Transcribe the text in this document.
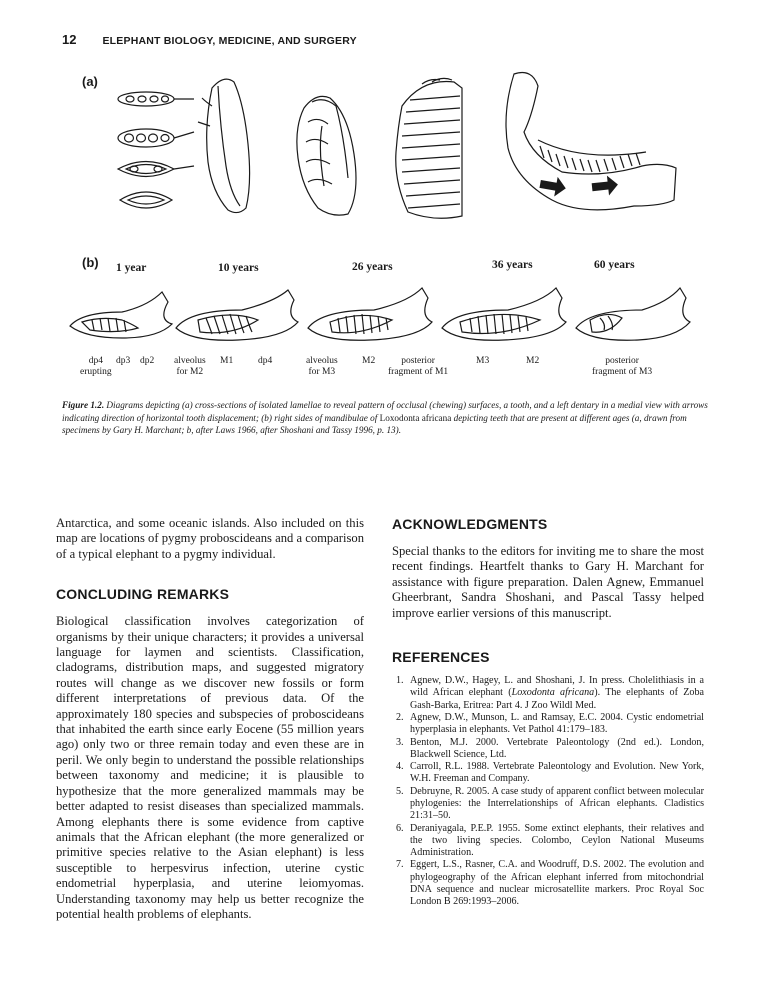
12 ELEPHANT BIOLOGY, MEDICINE, AND SURGERY
(a)
(b) 1 year	10 years	26 years	36 years	60 years
dp4
erupting
dp3 dp2 alveolus
for M2
M1	dp4	alveolus
for M3
M2	posterior
fragment of M1
M3	M2	posterior
fragment of M3

Figure 1.2. Diagrams depicting (a) cross-sections of isolated lamellae to reveal pattern of occlusal (chewing) surfaces, a tooth, and a left dentary in a medial view with arrows indicating direction of horizontal tooth displacement; (b) right sides of mandibulae of Loxodonta africana depicting teeth that are present at different ages (a, drawn from specimens by Gary H. Marchant; b, after Laws 1966, after Shoshani and Tassy 1996, p. 13).

Antarctica, and some oceanic islands. Also included on this map are locations of pygmy proboscideans and a comparison of a typical elephant to a pygmy individual.

CONCLUDING REMARKS

Biological classification involves categorization of organisms by their unique characters; it provides a universal language for laymen and scientists. Classification, cladograms, distribution maps, and suggested migratory routes will change as we discover new fossils or form different interpretations of previous data. Of the approximately 180 species and subspecies of proboscideans that inhabited the earth since early Eocene (55 million years ago) only two or three remain today and even these are in peril. We only begin to understand the possible relationships between taxonomy and medicine; it is plausible to hypothesize that the more generalized mammals may be better adapted to resist diseases than specialized mammals. Among elephants there is some evidence from captive animals that the African elephant (the more generalized or primitive species relative to the Asian elephant) is less susceptible to herpesvirus infection, uterine cystic endometrial hyperplasia, and uterine leiomyomas. Understanding taxonomy may help us better recognize the potential health problems of elephants.

ACKNOWLEDGMENTS

Special thanks to the editors for inviting me to share the most recent findings. Heartfelt thanks to Gary H. Marchant for assistance with figure preparation. Dalen Agnew, Emmanuel Gheerbrant, Sandra Shoshani, and Pascal Tassy helped improve earlier versions of this manuscript.

REFERENCES
1. Agnew, D.W., Hagey, L. and Shoshani, J. In press. Cholelithiasis in a wild African elephant (Loxodonta africana). The elephants of Zoba Gash-Barka, Eritrea: Part 4. J Zoo Wildl Med.
2. Agnew, D.W., Munson, L. and Ramsay, E.C. 2004. Cystic endometrial hyperplasia in elephants. Vet Pathol 41:179–183.
3. Benton, M.J. 2000. Vertebrate Paleontology (2nd ed.). London, Blackwell Science, Ltd.
4. Carroll, R.L. 1988. Vertebrate Paleontology and Evolution. New York, W.H. Freeman and Company.
5. Debruyne, R. 2005. A case study of apparent conflict between molecular phylogenies: the Interrelationships of African elephants. Cladistics 21:31–50.
6. Deraniyagala, P.E.P. 1955. Some extinct elephants, their relatives and the two living species. Colombo, Ceylon National Museums Administration.
7. Eggert, L.S., Rasner, C.A. and Woodruff, D.S. 2002. The evolution and phylogeography of the African elephant inferred from mitochondrial DNA sequence and nuclear microsatellite markers. Proc Royal Soc London B 269:1993–2006.
